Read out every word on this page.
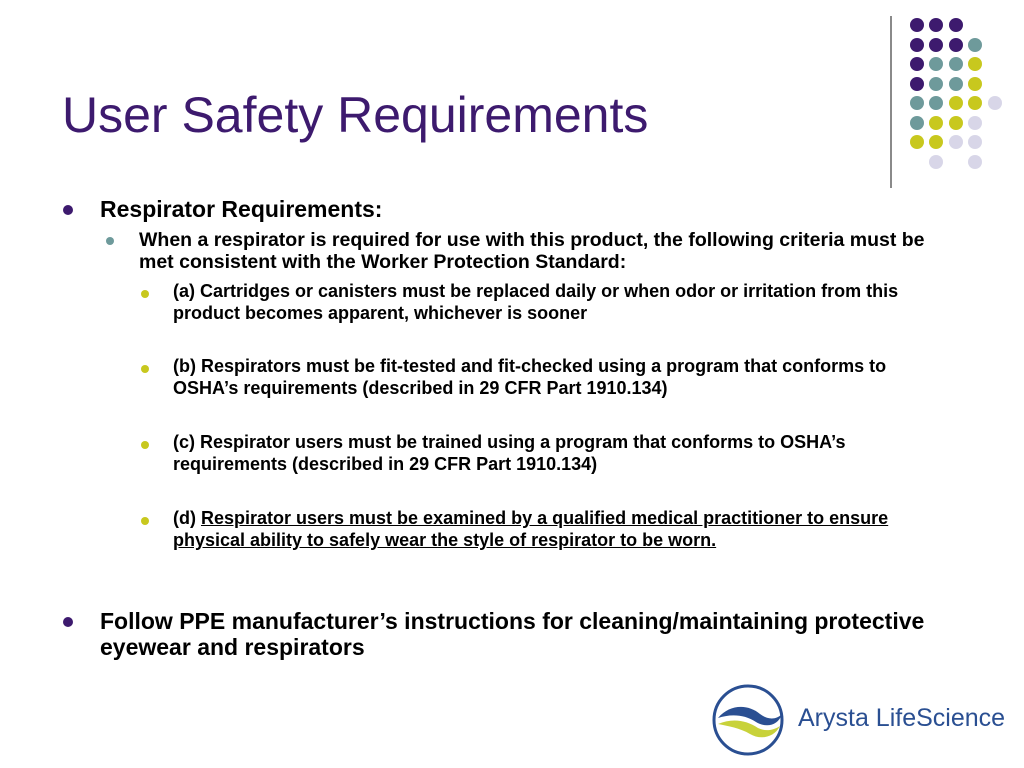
User Safety Requirements
Respirator Requirements:
When a respirator is required for use with this product, the following criteria must be met consistent with the Worker Protection Standard:
(a) Cartridges or canisters must be replaced daily or when odor or irritation from this product becomes apparent, whichever is sooner
(b) Respirators must be fit-tested and fit-checked using a program that conforms to OSHA’s requirements (described in 29 CFR Part 1910.134)
(c) Respirator users must be trained using a program that conforms to OSHA’s requirements (described in 29 CFR Part 1910.134)
(d) Respirator users must be examined by a qualified medical practitioner to ensure physical ability to safely wear the style of respirator to be worn.
Follow PPE manufacturer’s instructions for cleaning/maintaining protective eyewear and respirators
Arysta LifeScience
